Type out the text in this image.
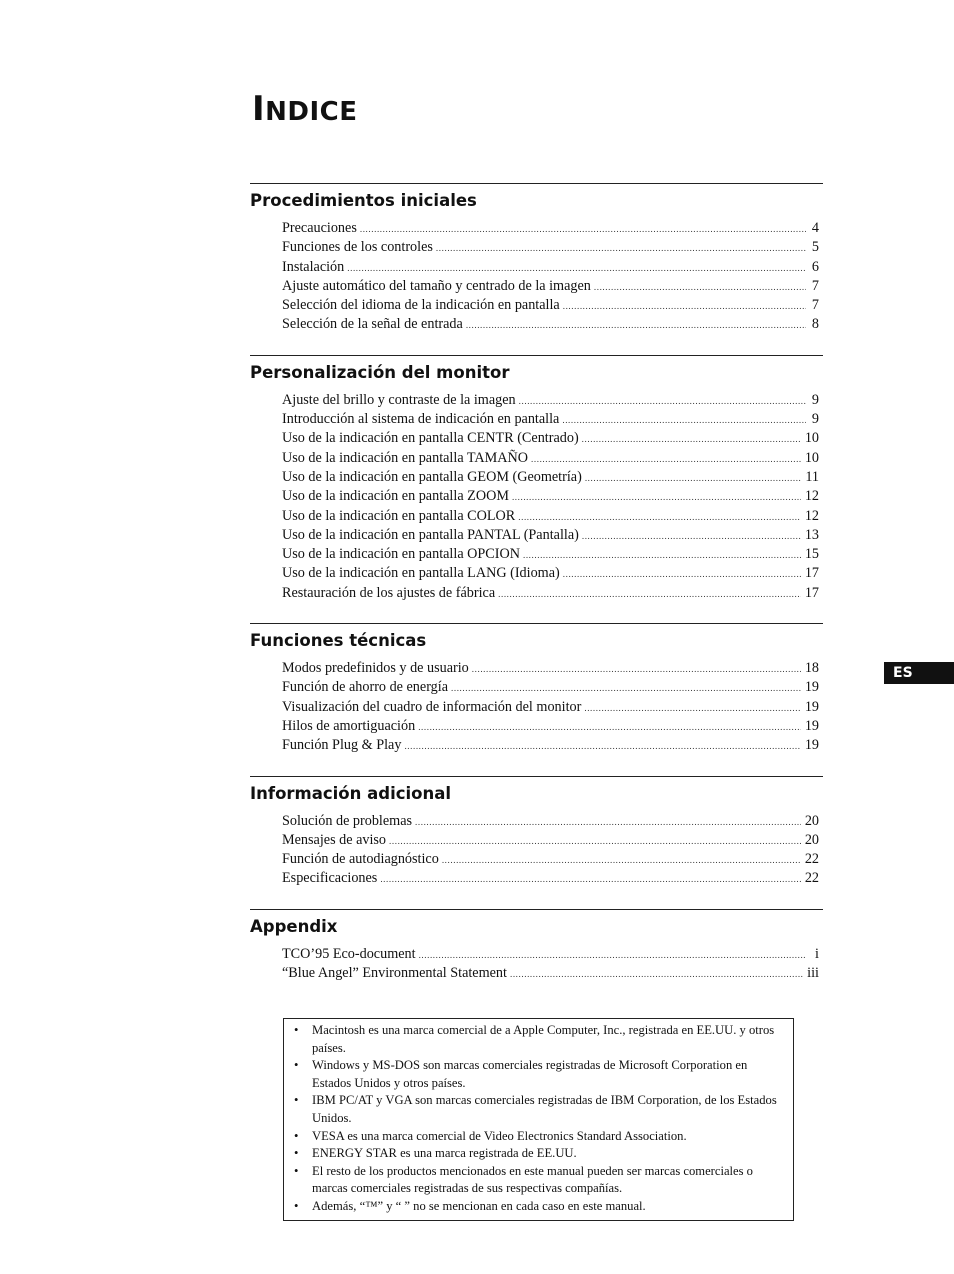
INDICE
Procedimientos iniciales
Precauciones .....	4
Funciones de los controles .....	5
Instalación .....	6
Ajuste automático del tamaño y centrado de la imagen .....	7
Selección del idioma de la indicación en pantalla .....	7
Selección de la señal de entrada .....	8
Personalización del monitor
Ajuste del brillo y contraste de la imagen .....	9
Introducción al sistema de indicación en pantalla .....	9
Uso de la indicación en pantalla CENTR (Centrado) .....	10
Uso de la indicación en pantalla TAMAÑO .....	10
Uso de la indicación en pantalla GEOM (Geometría) .....	11
Uso de la indicación en pantalla ZOOM .....	12
Uso de la indicación en pantalla COLOR .....	12
Uso de la indicación en pantalla PANTAL (Pantalla) .....	13
Uso de la indicación en pantalla OPCION .....	15
Uso de la indicación en pantalla LANG (Idioma) .....	17
Restauración de los ajustes de fábrica .....	17
Funciones técnicas
Modos predefinidos y de usuario .....	18
Función de ahorro de energía .....	19
Visualización del cuadro de información del monitor .....	19
Hilos de amortiguación .....	19
Función Plug & Play .....	19
Información adicional
Solución de problemas .....	20
Mensajes de aviso .....	20
Función de autodiagnóstico .....	22
Especificaciones .....	22
Appendix
TCO’95 Eco-document .....	i
“Blue Angel” Environmental Statement .....	iii
ES
• Macintosh es una marca comercial de a Apple Computer, Inc., registrada en EE.UU. y otros países.
• Windows y MS-DOS son marcas comerciales registradas de Microsoft Corporation en Estados Unidos y otros países.
• IBM PC/AT y VGA son marcas comerciales registradas de IBM Corporation, de los Estados Unidos.
• VESA es una marca comercial de Video Electronics Standard Association.
• ENERGY STAR es una marca registrada de EE.UU.
• El resto de los productos mencionados en este manual pueden ser marcas comerciales o marcas comerciales registradas de sus respectivas compañías.
• Además, “™” y “ ” no se mencionan en cada caso en este manual.
